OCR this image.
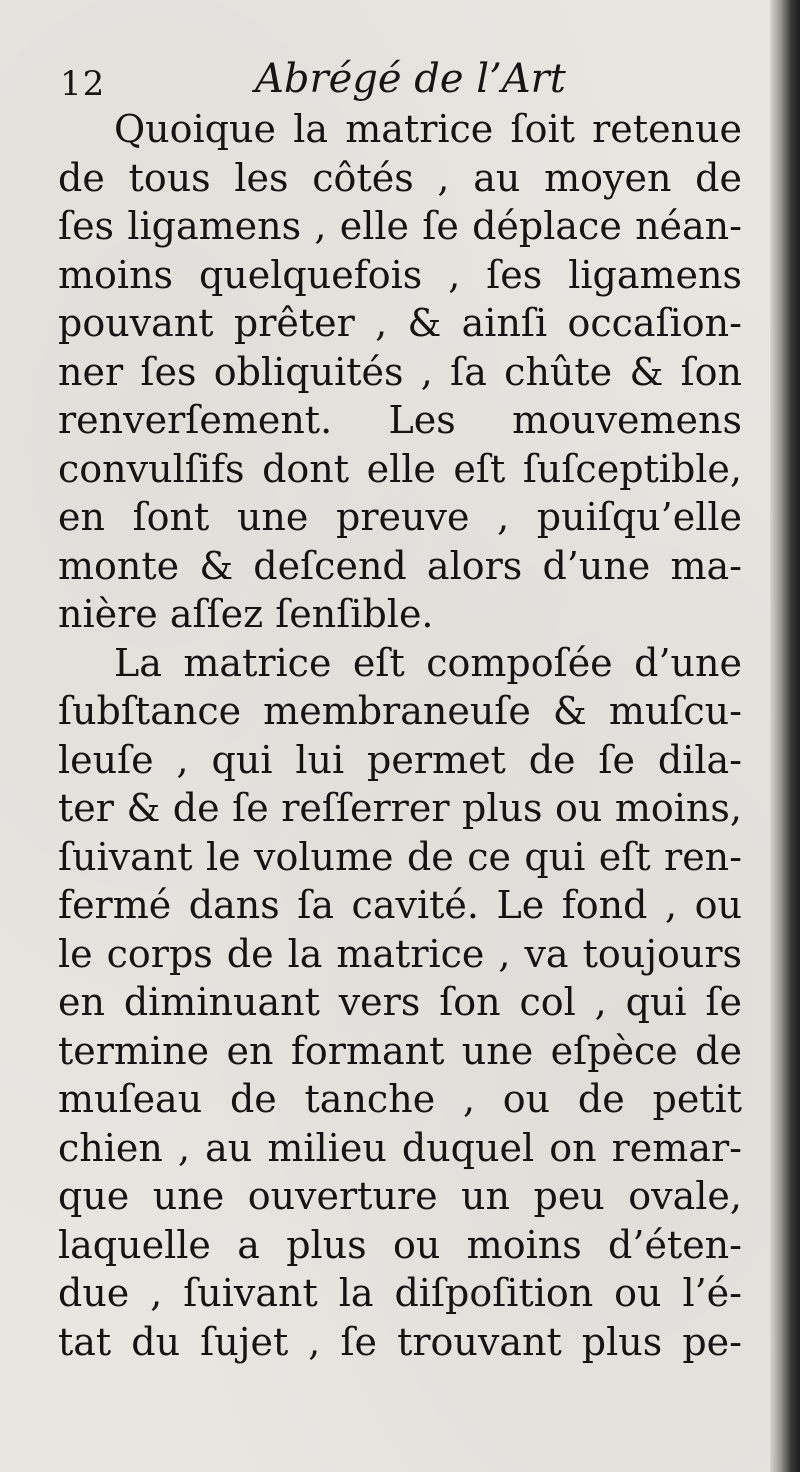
12	Abrégé de l’Art
Quoique la matrice ſoit retenue
de tous les côtés , au moyen de
ſes ligamens , elle ſe déplace néan-
moins quelquefois , ſes ligamens
pouvant prêter , & ainſi occaſion-
ner ſes obliquités , ſa chûte & ſon
renverſement. Les mouvemens
convulſifs dont elle eſt ſuſceptible,
en ſont une preuve , puiſqu’elle
monte & deſcend alors d’une ma-
nière aſſez ſenſible.
La matrice eſt compoſée d’une
ſubſtance membraneuſe & muſcu-
leuſe , qui lui permet de ſe dila-
ter & de ſe reſſerrer plus ou moins,
ſuivant le volume de ce qui eſt ren-
fermé dans ſa cavité. Le fond , ou
le corps de la matrice , va toujours
en diminuant vers ſon col , qui ſe
termine en formant une eſpèce de
muſeau de tanche , ou de petit
chien , au milieu duquel on remar-
que une ouverture un peu ovale,
laquelle a plus ou moins d’éten-
due , ſuivant la diſpoſition ou l’é-
tat du ſujet , ſe trouvant plus pe-
